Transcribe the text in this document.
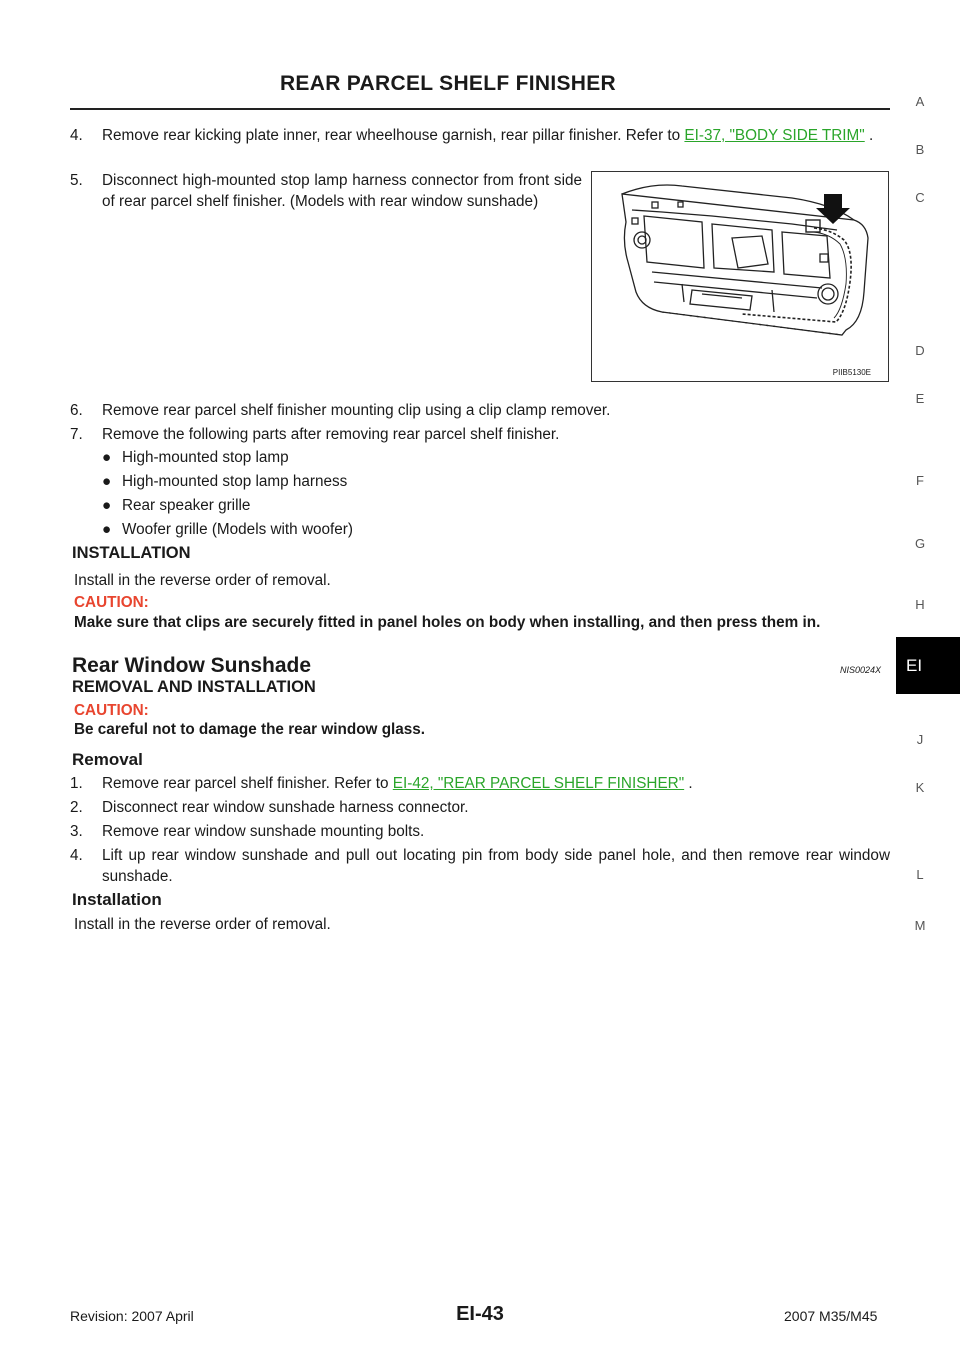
REAR PARCEL SHELF FINISHER
4.	Remove rear kicking plate inner, rear wheelhouse garnish, rear pillar finisher. Refer to EI-37, "BODY SIDE TRIM" .
5.	Disconnect high-mounted stop lamp harness connector from front side of rear parcel shelf finisher. (Models with rear window sunshade)
PIIB5130E
6.	Remove rear parcel shelf finisher mounting clip using a clip clamp remover.
7.	Remove the following parts after removing rear parcel shelf finisher.
● High-mounted stop lamp
● High-mounted stop lamp harness
● Rear speaker grille
● Woofer grille (Models with woofer)
INSTALLATION
Install in the reverse order of removal.
CAUTION:
Make sure that clips are securely fitted in panel holes on body when installing, and then press them in.
Rear Window Sunshade	NIS0024X
REMOVAL AND INSTALLATION
CAUTION:
Be careful not to damage the rear window glass.
Removal
1.	Remove rear parcel shelf finisher. Refer to EI-42, "REAR PARCEL SHELF FINISHER" .
2.	Disconnect rear window sunshade harness connector.
3.	Remove rear window sunshade mounting bolts.
4.	Lift up rear window sunshade and pull out locating pin from body side panel hole, and then remove rear window sunshade.
Installation
Install in the reverse order of removal.
A
B
C
D
E
F
G
H
EI
J
K
L
M
Revision: 2007 April	EI-43	2007 M35/M45
